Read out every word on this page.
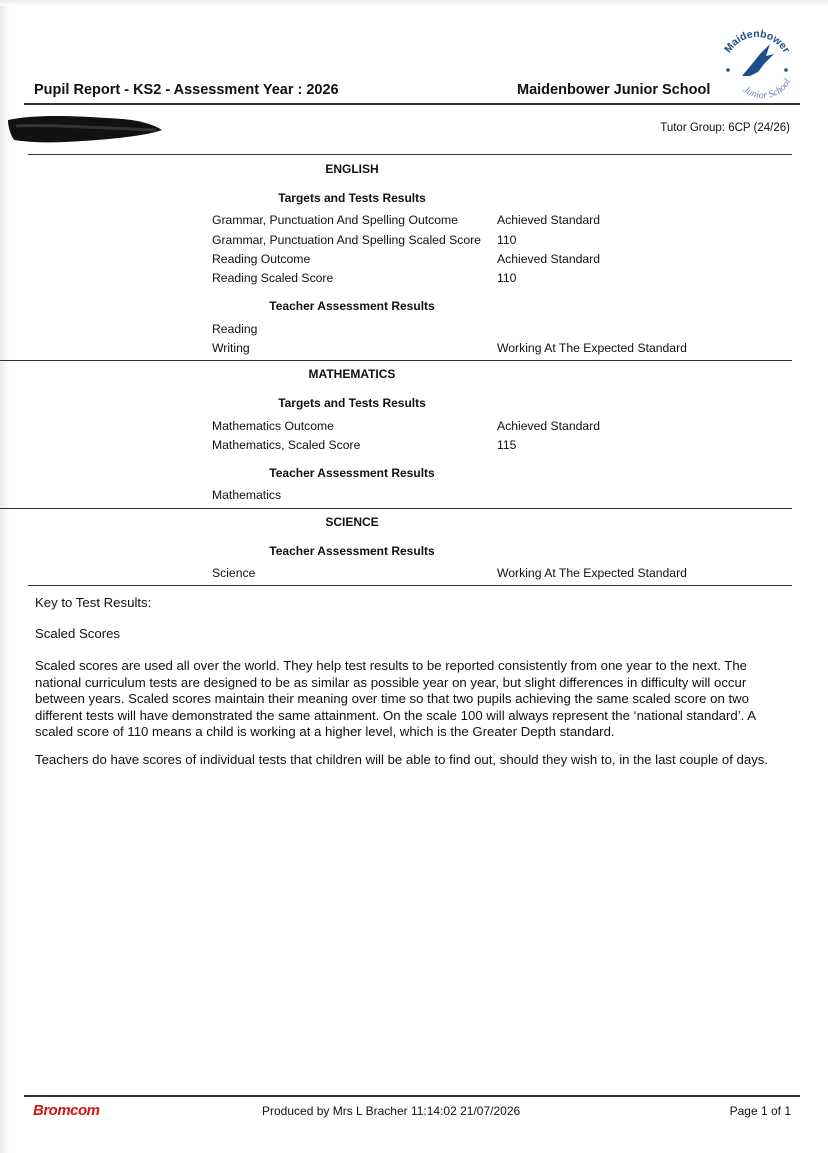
Pupil Report - KS2 - Assessment Year : 2026	Maidenbower Junior School
Maidenbower
Junior School
Tutor Group: 6CP (24/26)
ENGLISH
Targets and Tests Results
Grammar, Punctuation And Spelling Outcome	Achieved Standard
Grammar, Punctuation And Spelling Scaled Score 110
Reading Outcome	Achieved Standard
Reading Scaled Score	110
Teacher Assessment Results
Reading
Writing	Working At The Expected Standard
MATHEMATICS
Targets and Tests Results
Mathematics Outcome	Achieved Standard
Mathematics, Scaled Score	115
Teacher Assessment Results
Mathematics
SCIENCE
Teacher Assessment Results
Science	Working At The Expected Standard
Key to Test Results:
Scaled Scores
Scaled scores are used all over the world. They help test results to be reported consistently from one year to the next. The national curriculum tests are designed to be as similar as possible year on year, but slight differences in difficulty will occur between years. Scaled scores maintain their meaning over time so that two pupils achieving the same scaled score on two different tests will have demonstrated the same attainment. On the scale 100 will always represent the ‘national standard’. A scaled score of 110 means a child is working at a higher level, which is the Greater Depth standard.
Teachers do have scores of individual tests that children will be able to find out, should they wish to, in the last couple of days.
Bromcom	Produced by Mrs L Bracher 11:14:02 21/07/2026	Page 1 of 1
